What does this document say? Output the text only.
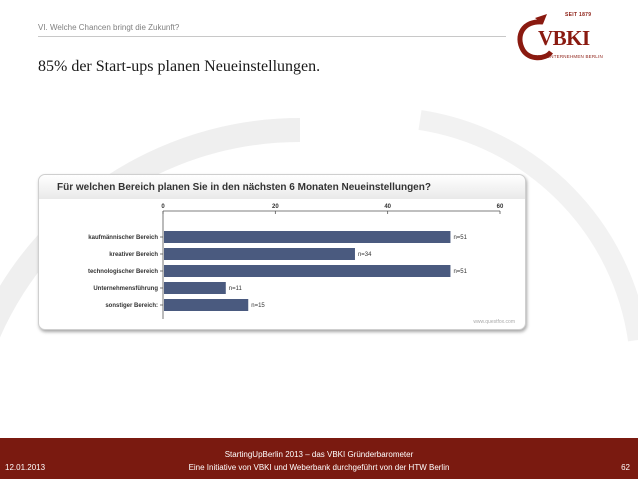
VI. Welche Chancen bringt die Zukunft?
85% der Start-ups planen Neueinstellungen.
SEIT 1879
VBKI
WIR UNTERNEHMEN BERLIN
Für welchen Bereich planen Sie in den nächsten 6 Monaten Neueinstellungen?
0	20	40	60
kaufmännischer Bereich	n=51
kreativer Bereich	n=34
technologischer Bereich	n=51
Unternehmensführung	n=11
sonstiger Bereich:	n=15
www.questfox.com
StartingUpBerlin 2013 – das VBKI Gründerbarometer
Eine Initiative von VBKI und Weberbank durchgeführt von der HTW Berlin
12.01.2013	62
